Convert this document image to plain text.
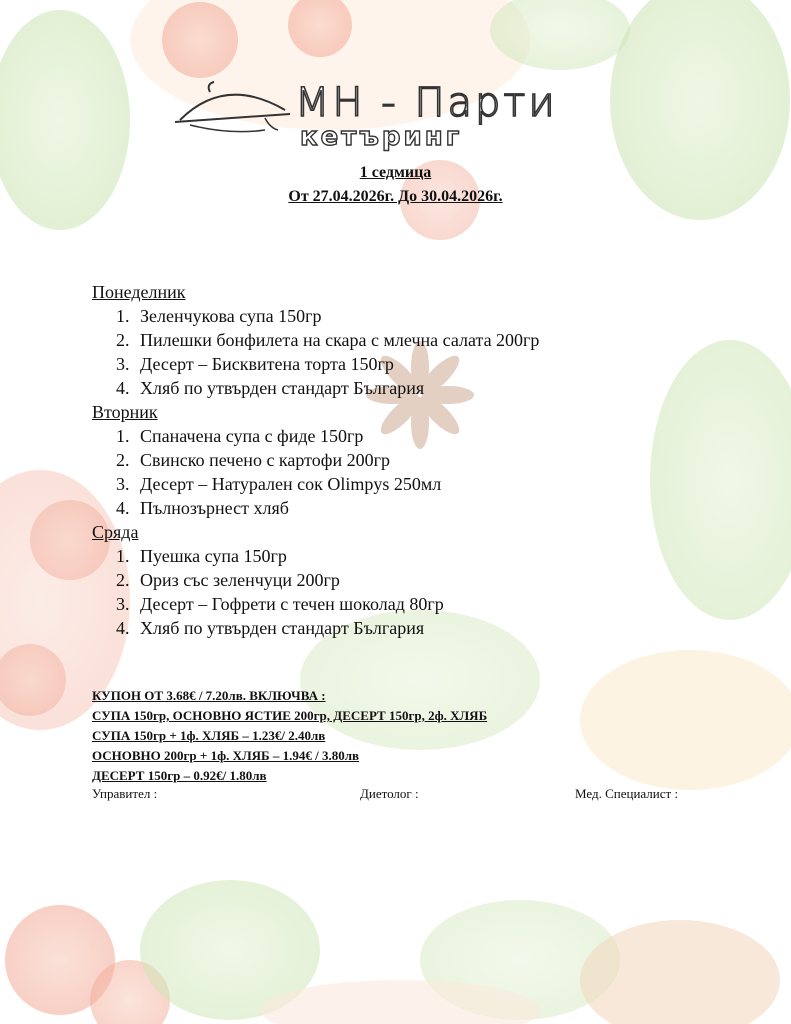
МН - Парти
кетъринг
1 седмица
От 27.04.2026г. До 30.04.2026г.
Понеделник
1. Зеленчукова супа 150гр
2. Пилешки бонфилета на скара с млечна салата 200гр
3. Десерт – Бисквитена торта 150гр
4. Хляб по утвърден стандарт България
Вторник
1. Спаначена супа с фиде 150гр
2. Свинско печено с картофи 200гр
3. Десерт – Натурален сок Olimpys 250мл
4. Пълнозърнест хляб
Сряда
1. Пуешка супа 150гр
2. Ориз със зеленчуци 200гр
3. Десерт – Гофрети с течен шоколад 80гр
4. Хляб по утвърден стандарт България
КУПОН ОТ 3.68€ / 7.20лв. ВКЛЮЧВА :
СУПА 150гр, ОСНОВНО ЯСТИЕ 200гр, ДЕСЕРТ 150гр, 2ф. ХЛЯБ
СУПА 150гр + 1ф. ХЛЯБ – 1.23€/ 2.40лв
ОСНОВНО 200гр + 1ф. ХЛЯБ – 1.94€ / 3.80лв
ДЕСЕРТ 150гр – 0.92€/ 1.80лв
Управител :	Диетолог :	Мед. Специалист :
